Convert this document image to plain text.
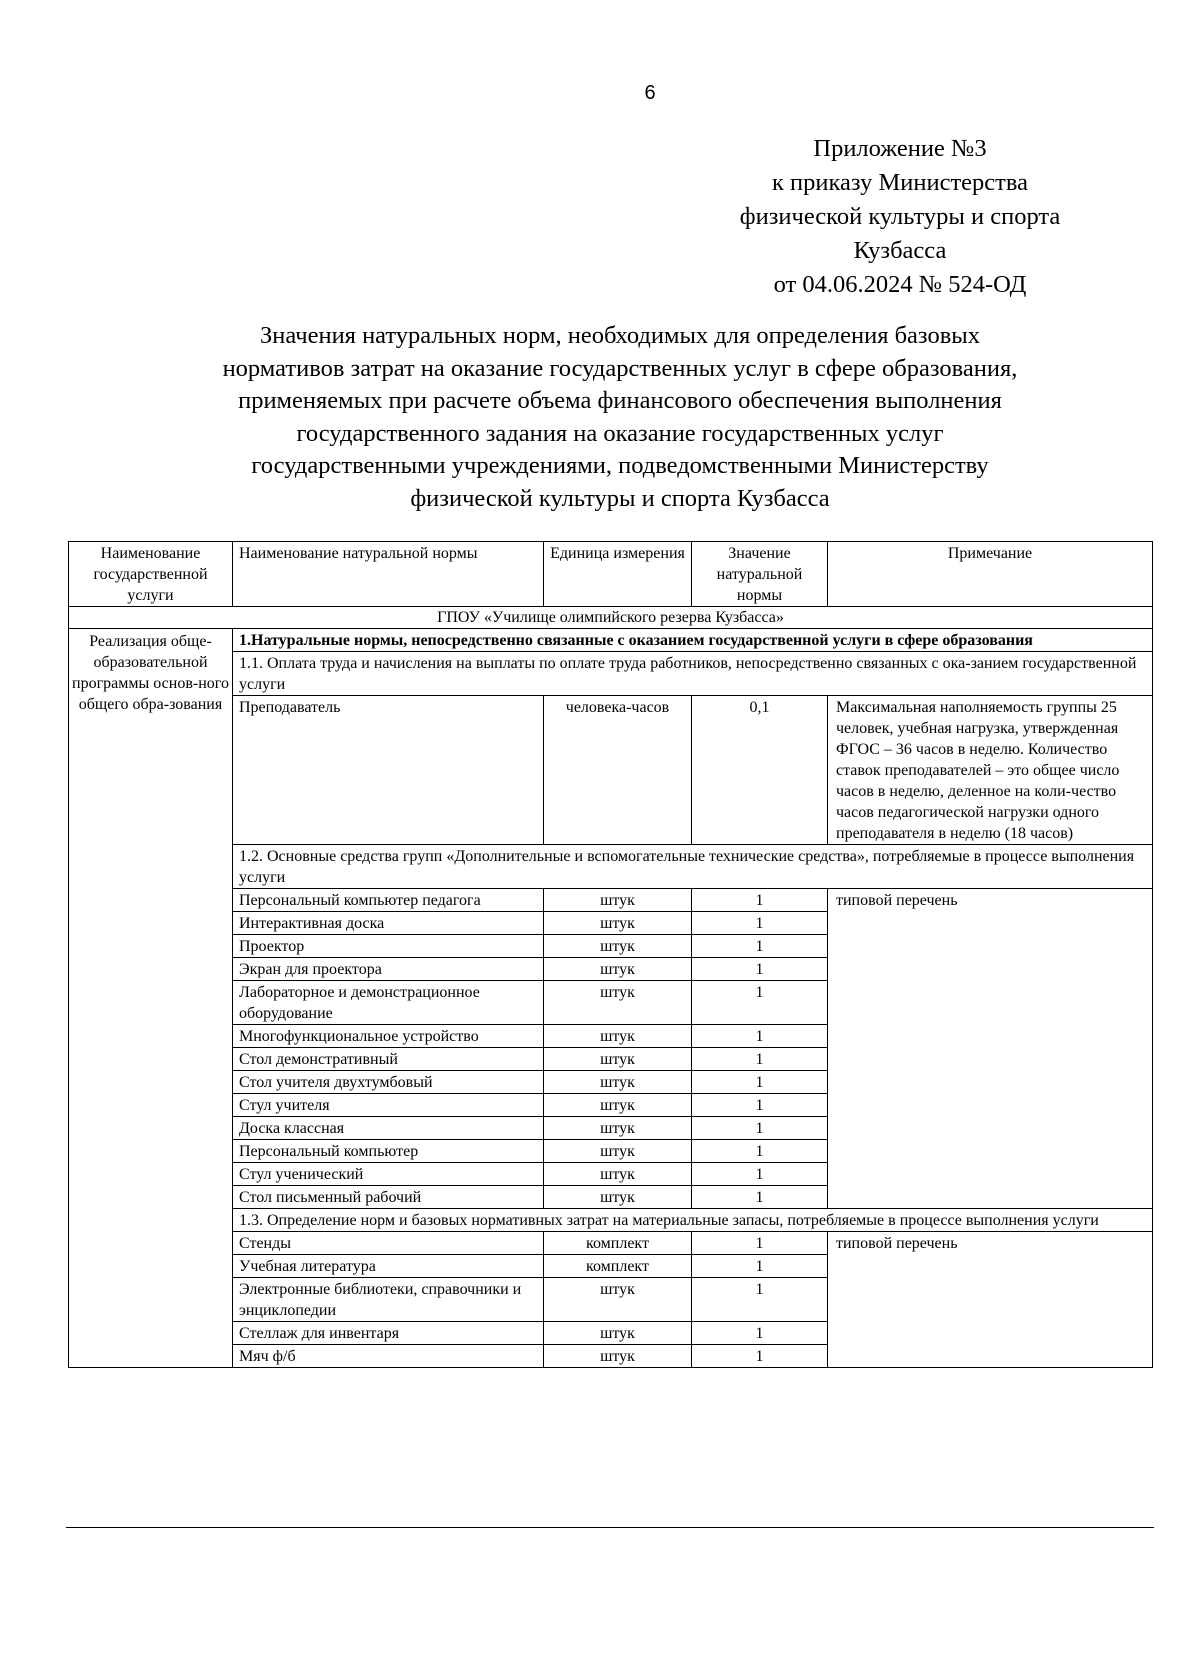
6
Приложение №3
к приказу Министерства
физической культуры и спорта
Кузбасса
от 04.06.2024 № 524-ОД
Значения натуральных норм, необходимых для определения базовых
нормативов затрат на оказание государственных услуг в сфере образования,
применяемых при расчете объема финансового обеспечения выполнения
государственного задания на оказание государственных услуг
государственными учреждениями, подведомственными Министерству
физической культуры и спорта Кузбасса
Наименование государственной услуги	Наименование натуральной нормы	Единица измерения	Значение натуральной нормы	Примечание
ГПОУ «Училище олимпийского резерва Кузбасса»				
Реализация обще-образовательной программы основ-ного общего обра-зования	1.Натуральные нормы, непосредственно связанные с оказанием государственной услуги в сфере образования			
	1.1. Оплата труда и начисления на выплаты по оплате труда работников, непосредственно связанных с ока-занием государственной услуги			
	Преподаватель	человека-часов	0,1	Максимальная наполняемость группы 25 человек, учебная нагрузка, утвержденная ФГОС – 36 часов в неделю. Количество ставок преподавателей – это общее число часов в неделю, деленное на коли-чество часов педагогической нагрузки одного преподавателя в неделю (18 часов)
	1.2. Основные средства групп «Дополнительные и вспомогательные технические средства», потребляемые в процессе выполнения услуги			
	Персональный компьютер педагога	штук	1	типовой перечень
	Интерактивная доска	штук	1	
	Проектор	штук	1	
	Экран для проектора	штук	1	
	Лабораторное и демонстрационное оборудование	штук	1	
	Многофункциональное устройство	штук	1	
	Стол демонстративный	штук	1	
	Стол учителя двухтумбовый	штук	1	
	Стул учителя	штук	1	
	Доска классная	штук	1	
	Персональный компьютер	штук	1	
	Стул ученический	штук	1	
	Стол письменный рабочий	штук	1	
	1.3. Определение норм и базовых нормативных затрат на материальные запасы, потребляемые в процессе выполнения услуги			
	Стенды	комплект	1	типовой перечень
	Учебная литература	комплект	1	
	Электронные библиотеки, справочники и энциклопедии	штук	1	
	Стеллаж для инвентаря	штук	1	
	Мяч ф/б	штук	1	
